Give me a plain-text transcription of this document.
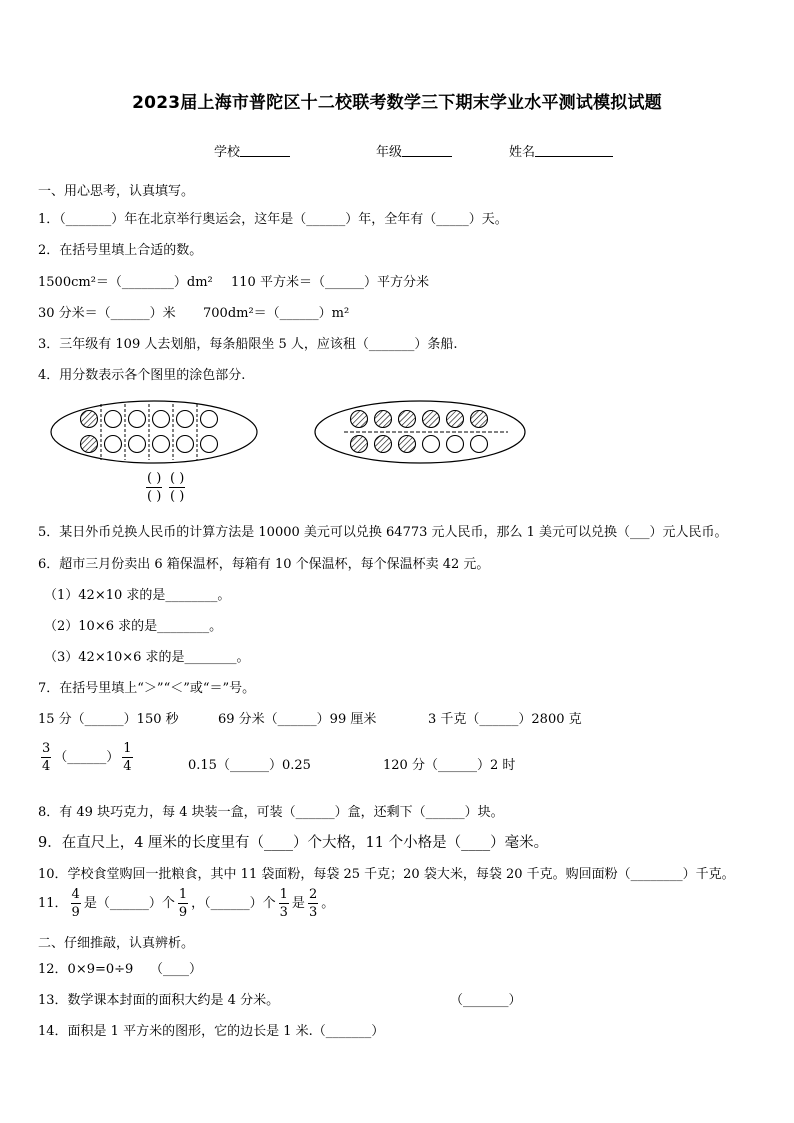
2023届上海市普陀区十二校联考数学三下期末学业水平测试模拟试题
学校	年级	姓名
一、用心思考，认真填写。
1．（_______）年在北京举行奥运会，这年是（______）年，全年有（_____）天。
2．在括号里填上合适的数。
1500cm²＝（________）dm² 110 平方米＝（______）平方分米
30 分米＝（______）米 700dm²＝（______）m²
3．三年级有 109 人去划船，每条船限坐 5 人，应该租（_______）条船.
4．用分数表示各个图里的涂色部分.
$\frac{( )}{( )} \frac{( )}{( )}$
5．某日外币兑换人民币的计算方法是 10000 美元可以兑换 64773 元人民币，那么 1 美元可以兑换（___）元人民币。
6．超市三月份卖出 6 箱保温杯，每箱有 10 个保温杯，每个保温杯卖 42 元。
（1）42×10 求的是________。
（2）10×6 求的是________。
（3）42×10×6 求的是________。
7．在括号里填上“＞”“＜”或“＝”号。
15 分（______）150 秒	69 分米（______）99 厘米	3 千克（______）2800 克
$\frac{3}{4}$ （______） $\frac{1}{4}$	0.15（______）0.25	120 分（______）2 时
8．有 49 块巧克力，每 4 块装一盒，可装（______）盒，还剩下（______）块。
9．在直尺上，4 厘米的长度里有（____）个大格，11 个小格是（____）毫米。
10．学校食堂购回一批粮食，其中 11 袋面粉，每袋 25 千克；20 袋大米，每袋 20 千克。购回面粉（________）千克。
11． $\frac{4}{9}$ 是（______）个 $\frac{1}{9}$ ，（______）个 $\frac{1}{3}$ 是 $\frac{2}{3}$ 。
二、仔细推敲，认真辨析。
12．0×9=0÷9 （____）
13．数学课本封面的面积大约是 4 分米。	（_______）
14．面积是 1 平方米的图形，它的边长是 1 米.（_______）
